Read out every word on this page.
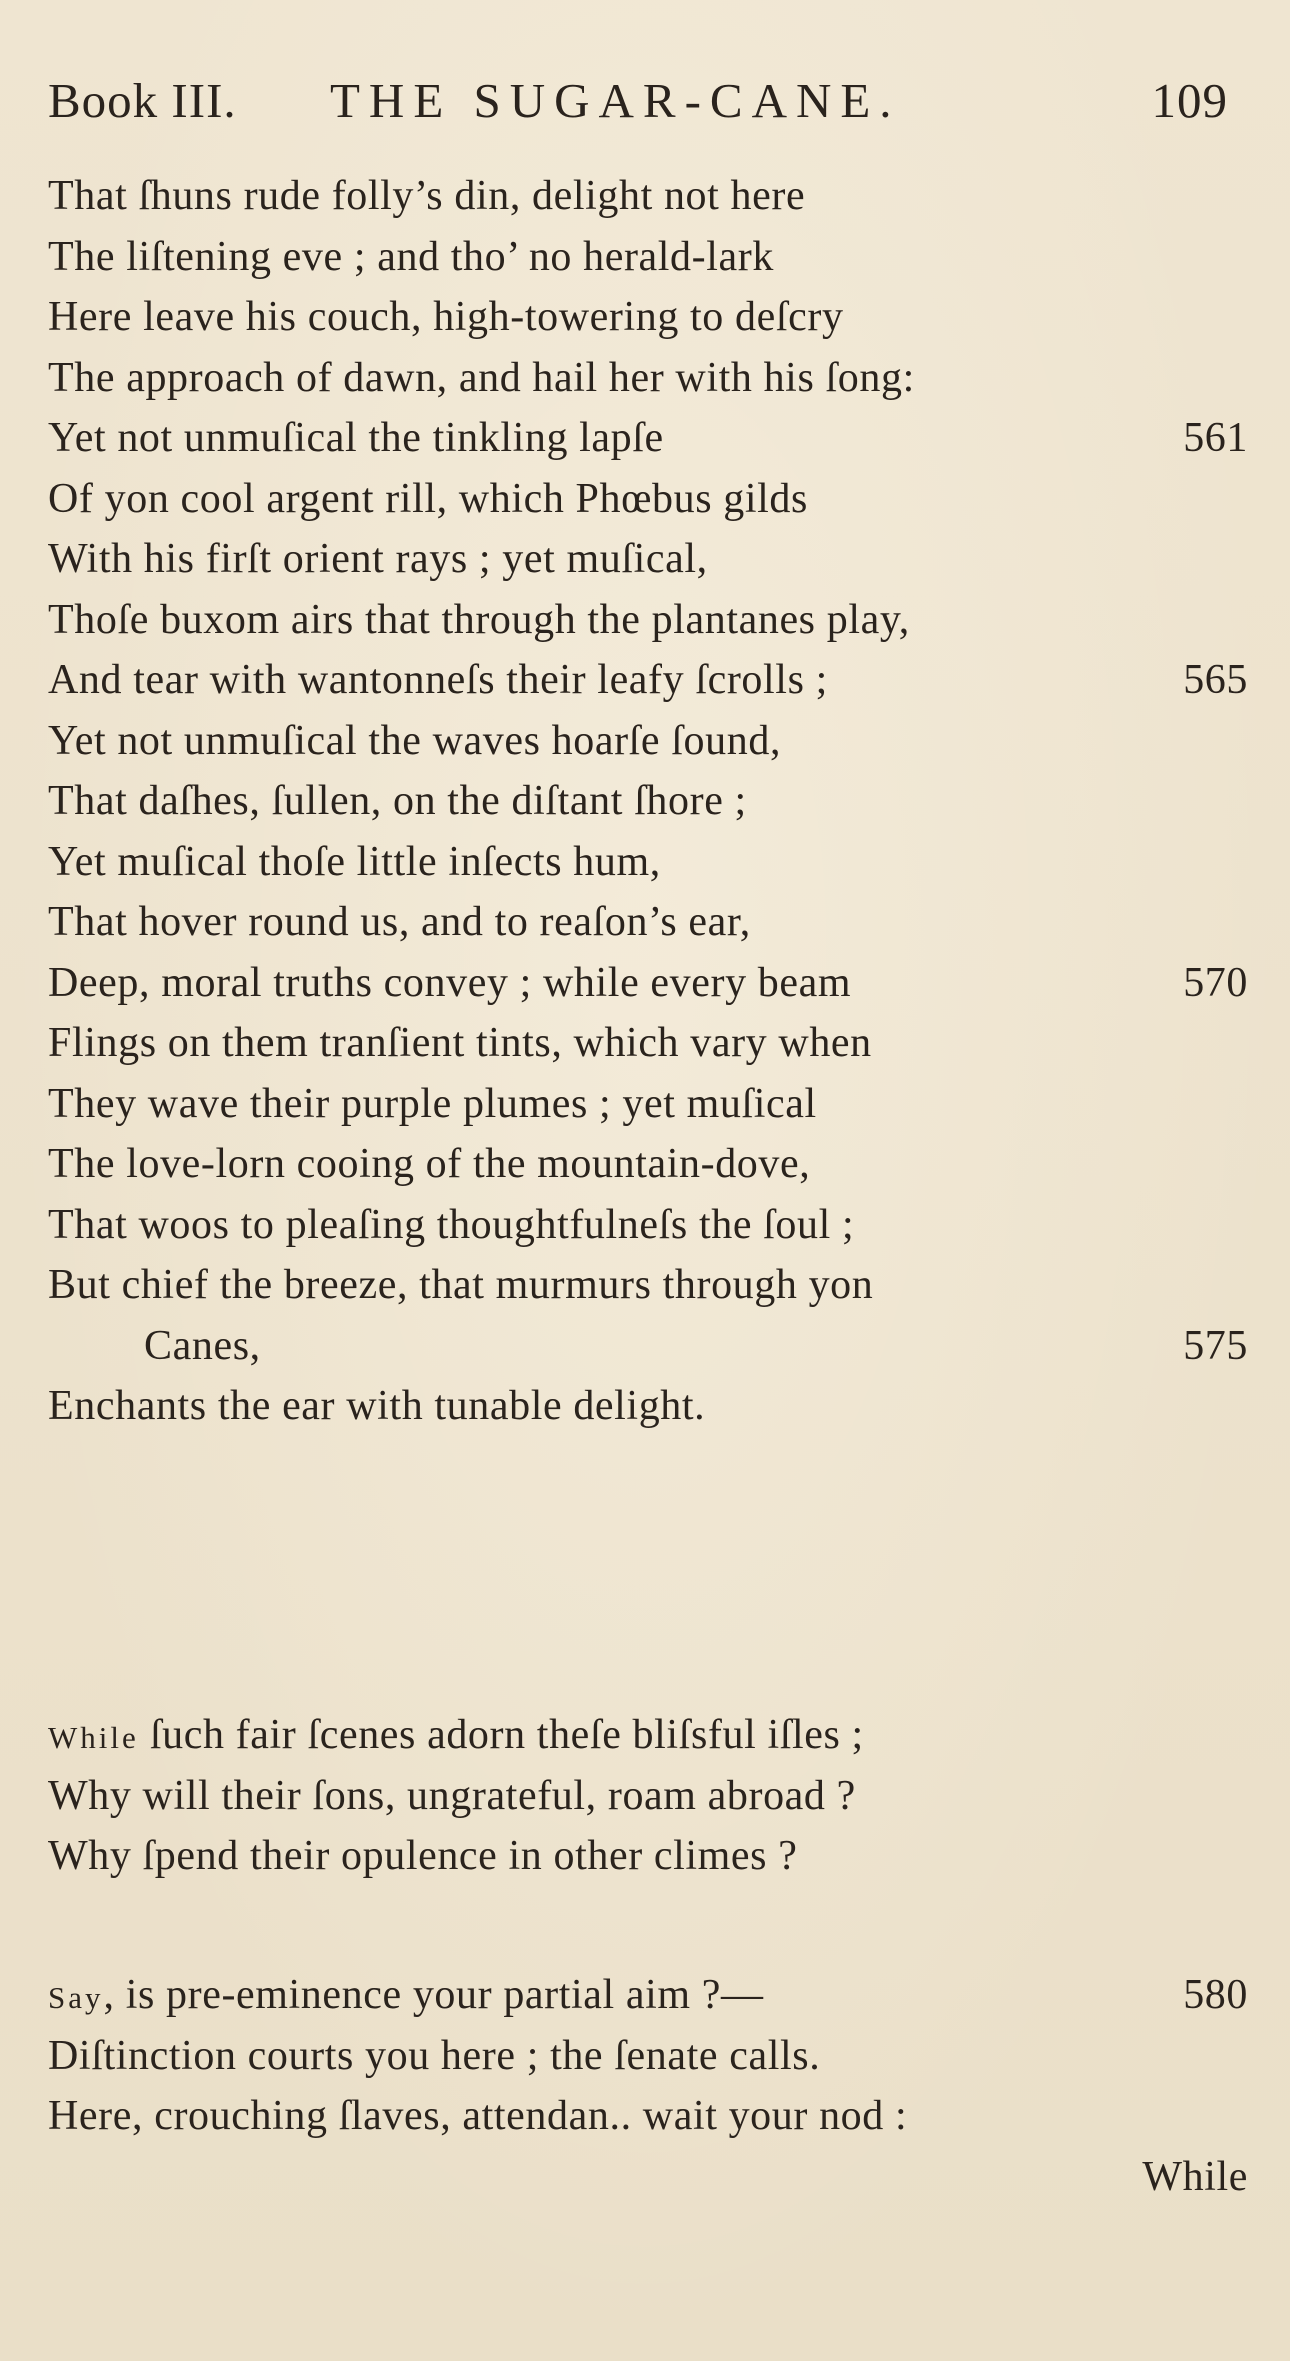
Book III. THE SUGAR-CANE.	109
That ſhuns rude folly’s din, delight not here
The liſtening eve ; and tho’ no herald-lark
Here leave his couch, high-towering to deſcry
The approach of dawn, and hail her with his ſong:
Yet not unmuſical the tinkling lapſe	561
Of yon cool argent rill, which Phœbus gilds
With his firſt orient rays ; yet muſical,
Thoſe buxom airs that through the plantanes play,
And tear with wantonneſs their leafy ſcrolls ;	565
Yet not unmuſical the waves hoarſe ſound,
That daſhes, ſullen, on the diſtant ſhore ;
Yet muſical thoſe little inſects hum,
That hover round us, and to reaſon’s ear,
Deep, moral truths convey ; while every beam	570
Flings on them tranſient tints, which vary when
They wave their purple plumes ; yet muſical
The love-lorn cooing of the mountain-dove,
That woos to pleaſing thoughtfulneſs the ſoul ;
But chief the breeze, that murmurs through yon
Canes,	575
Enchants the ear with tunable delight.
While ſuch fair ſcenes adorn theſe bliſsful iſles ;
Why will their ſons, ungrateful, roam abroad ?
Why ſpend their opulence in other climes ?
Say, is pre-eminence your partial aim ?—	580
Diſtinction courts you here ; the ſenate calls.
Here, crouching ſlaves, attendan.. wait your nod :
While
